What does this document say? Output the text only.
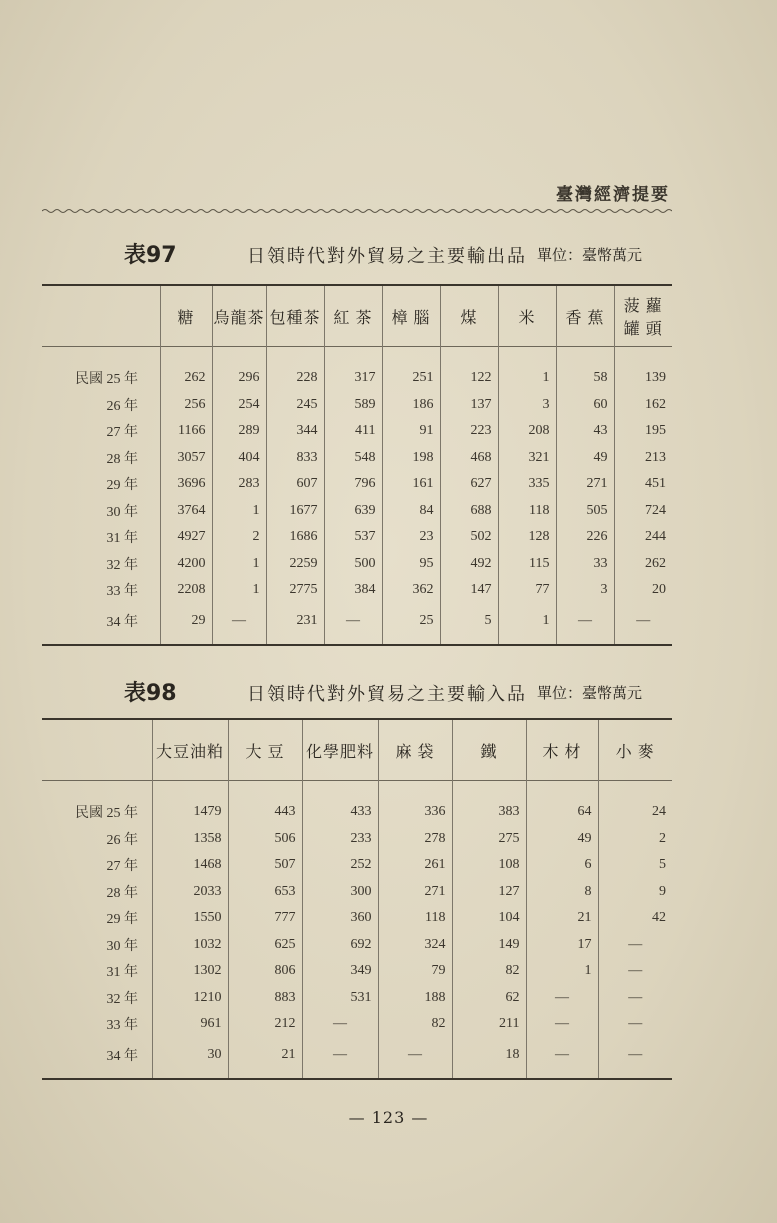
臺灣經濟提要
表97	日領時代對外貿易之主要輸出品 單位：臺幣萬元
	糖	烏龍茶	包種茶	紅 茶	樟 腦	煤	米	香 蕉	菠 蘿 罐 頭

民國 25 年	262	296	228	317	251	122	1	58	139
26 年	256	254	245	589	186	137	3	60	162
27 年	1166	289	344	411	91	223	208	43	195
28 年	3057	404	833	548	198	468	321	49	213
29 年	3696	283	607	796	161	627	335	271	451
30 年	3764	1	1677	639	84	688	118	505	724
31 年	4927	2	1686	537	23	502	128	226	244
32 年	4200	1	2259	500	95	492	115	33	262
33 年	2208	1	2775	384	362	147	77	3	20
34 年	29	—	231	—	25	5	1	—	—
表98	日領時代對外貿易之主要輸入品 單位：臺幣萬元
	大豆油粕	大 豆	化學肥料	麻 袋	鐵	木 材	小 麥

民國 25 年	1479	443	433	336	383	64	24
26 年	1358	506	233	278	275	49	2
27 年	1468	507	252	261	108	6	5
28 年	2033	653	300	271	127	8	9
29 年	1550	777	360	118	104	21	42
30 年	1032	625	692	324	149	17	—
31 年	1302	806	349	79	82	1	—
32 年	1210	883	531	188	62	—	—
33 年	961	212	—	82	211	—	—
34 年	30	21	—	—	18	—	—
— 123 —
